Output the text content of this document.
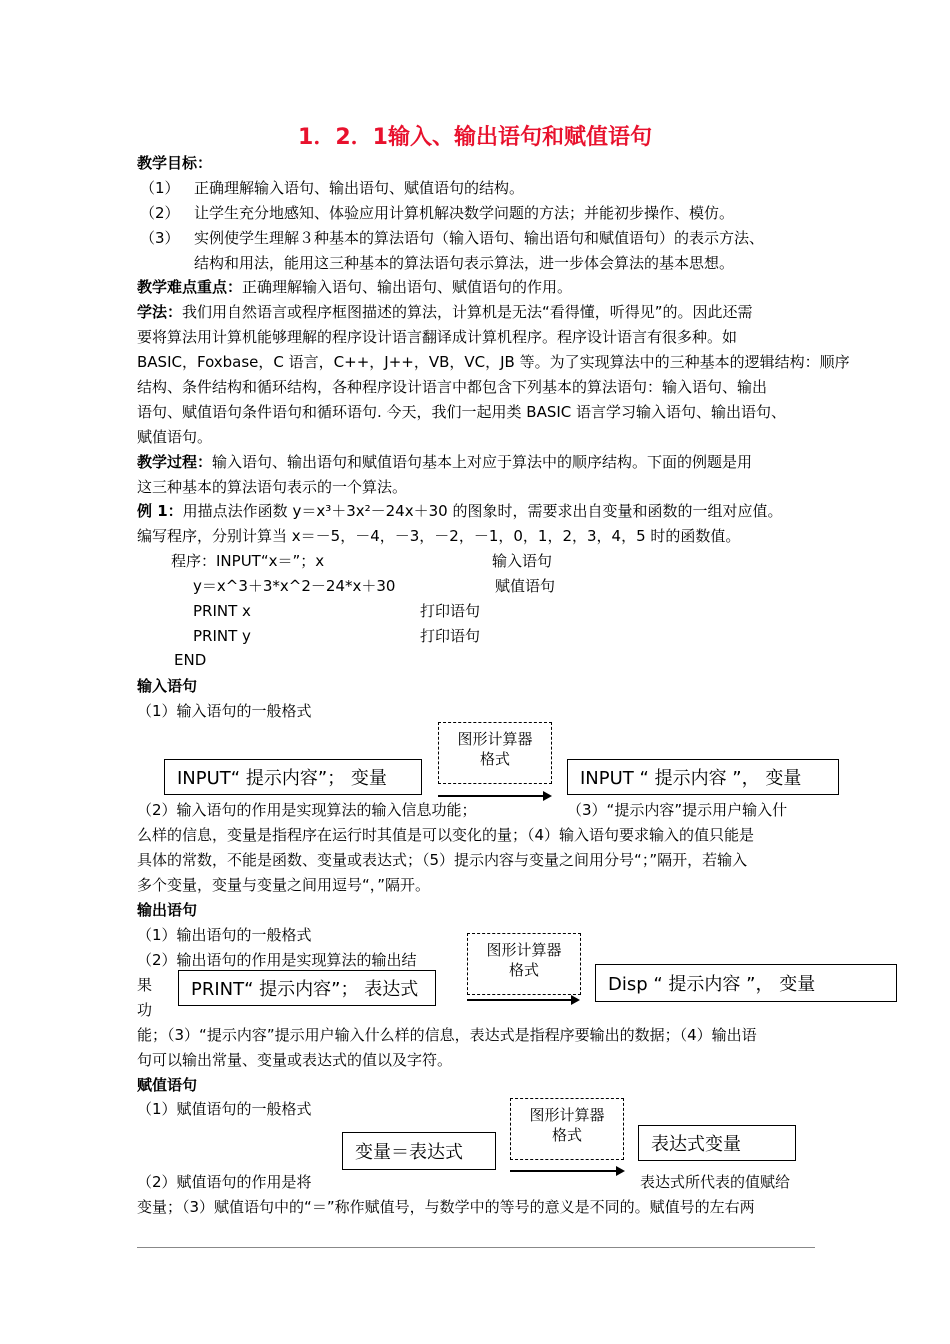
1．2．1输入、输出语句和赋值语句
教学目标：
（1） 正确理解输入语句、输出语句、赋值语句的结构。
（2） 让学生充分地感知、体验应用计算机解决数学问题的方法；并能初步操作、模仿。
（3） 实例使学生理解３种基本的算法语句（输入语句、输出语句和赋值语句）的表示方法、
结构和用法，能用这三种基本的算法语句表示算法，进一步体会算法的基本思想。
教学难点重点：正确理解输入语句、输出语句、赋值语句的作用。
学法：我们用自然语言或程序框图描述的算法，计算机是无法“看得懂，听得见”的。因此还需
要将算法用计算机能够理解的程序设计语言翻译成计算机程序。程序设计语言有很多种。如
BASIC，Foxbase，C 语言，C++，J++，VB，VC，JB 等。为了实现算法中的三种基本的逻辑结构：顺序
结构、条件结构和循环结构，各种程序设计语言中都包含下列基本的算法语句：输入语句、输出
语句、赋值语句条件语句和循环语句. 今天，我们一起用类 BASIC 语言学习输入语句、输出语句、
赋值语句。
教学过程：输入语句、输出语句和赋值语句基本上对应于算法中的顺序结构。下面的例题是用
这三种基本的算法语句表示的一个算法。
例 1：用描点法作函数 y＝x³＋3x²－24x＋30 的图象时，需要求出自变量和函数的一组对应值。
编写程序，分别计算当 x＝－5，－4，－3，－2，－1，0，1，2，3，4，5 时的函数值。
程序：INPUT“x＝”；x	输入语句
y＝x^3＋3*x^2－24*x＋30	赋值语句
PRINT x	打印语句
PRINT y	打印语句
END
输入语句
（1）输入语句的一般格式
INPUT“ 提示内容”； 变量
图形计算器
格式
INPUT “ 提示内容 ”， 变量
（2）输入语句的作用是实现算法的输入信息功能；	（3）“提示内容”提示用户输入什
么样的信息，变量是指程序在运行时其值是可以变化的量；（4）输入语句要求输入的值只能是
具体的常数，不能是函数、变量或表达式；（5）提示内容与变量之间用分号“；”隔开，若输入
多个变量，变量与变量之间用逗号“，”隔开。
输出语句
（1）输出语句的一般格式
（2）输出语句的作用是实现算法的输出结
果
功
PRINT“ 提示内容”； 表达式
图形计算器
格式
Disp “ 提示内容 ”， 变量
能；（3）“提示内容”提示用户输入什么样的信息，表达式是指程序要输出的数据；（4）输出语
句可以输出常量、变量或表达式的值以及字符。
赋值语句
（1）赋值语句的一般格式
变量＝表达式
图形计算器
格式	表达式变量
（2）赋值语句的作用是将	表达式所代表的值赋给
变量；（3）赋值语句中的“＝”称作赋值号，与数学中的等号的意义是不同的。赋值号的左右两
